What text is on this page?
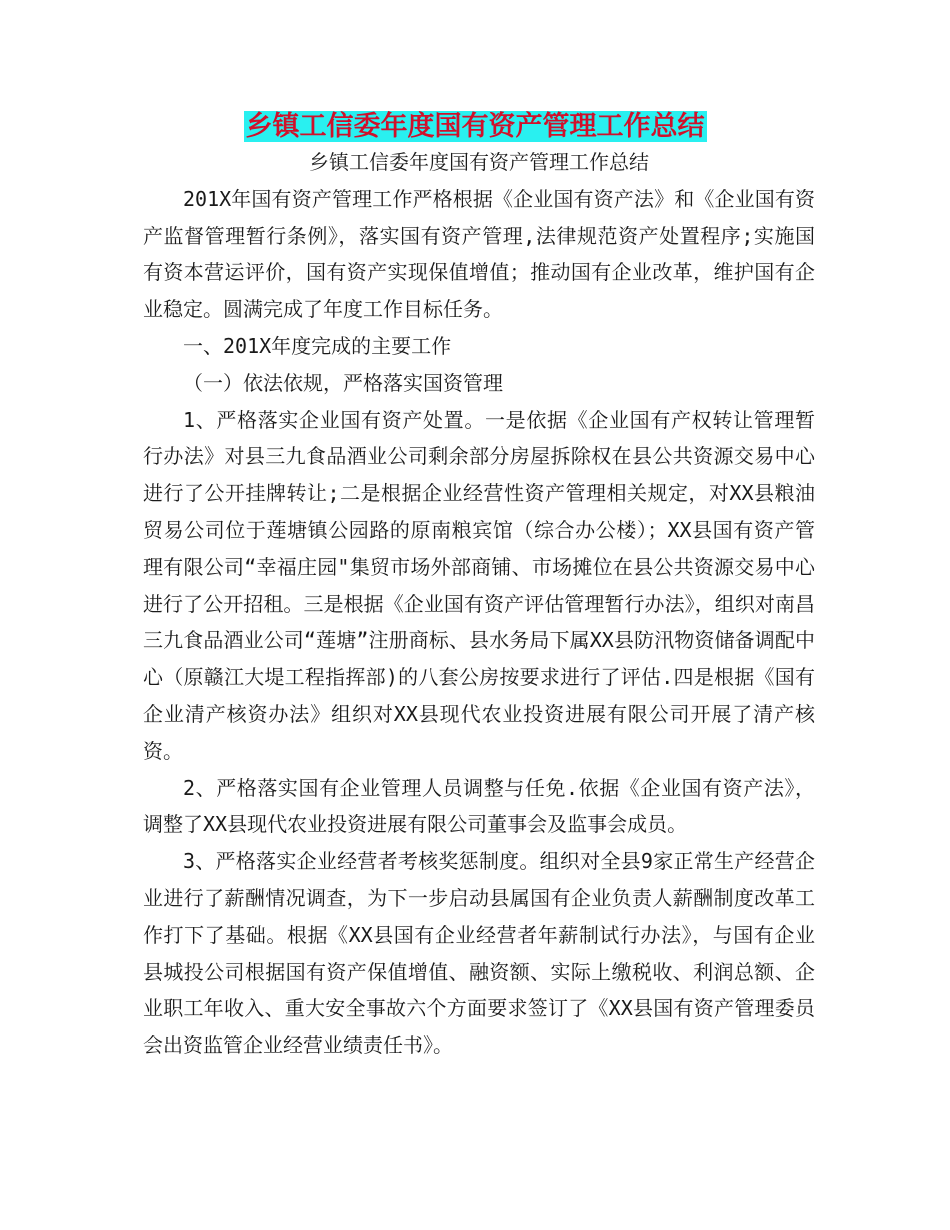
乡镇工信委年度国有资产管理工作总结

乡镇工信委年度国有资产管理工作总结

201X年国有资产管理工作严格根据《企业国有资产法》和《企业国有资产监督管理暂行条例》，落实国有资产管理,法律规范资产处置程序;实施国有资本营运评价，国有资产实现保值增值；推动国有企业改革，维护国有企业稳定。圆满完成了年度工作目标任务。

一、201X年度完成的主要工作

（一）依法依规，严格落实国资管理

1、严格落实企业国有资产处置。一是依据《企业国有产权转让管理暂行办法》对县三九食品酒业公司剩余部分房屋拆除权在县公共资源交易中心进行了公开挂牌转让;二是根据企业经营性资产管理相关规定，对XX县粮油贸易公司位于莲塘镇公园路的原南粮宾馆（综合办公楼）；XX县国有资产管理有限公司“幸福庄园"集贸市场外部商铺、市场摊位在县公共资源交易中心进行了公开招租。三是根据《企业国有资产评估管理暂行办法》，组织对南昌三九食品酒业公司“莲塘”注册商标、县水务局下属XX县防汛物资储备调配中心（原赣江大堤工程指挥部)的八套公房按要求进行了评估.四是根据《国有企业清产核资办法》组织对XX县现代农业投资进展有限公司开展了清产核资。

2、严格落实国有企业管理人员调整与任免.依据《企业国有资产法》，调整了XX县现代农业投资进展有限公司董事会及监事会成员。

3、严格落实企业经营者考核奖惩制度。组织对全县9家正常生产经营企业进行了薪酬情况调查，为下一步启动县属国有企业负责人薪酬制度改革工作打下了基础。根据《XX县国有企业经营者年薪制试行办法》，与国有企业县城投公司根据国有资产保值增值、融资额、实际上缴税收、利润总额、企业职工年收入、重大安全事故六个方面要求签订了《XX县国有资产管理委员会出资监管企业经营业绩责任书》。
